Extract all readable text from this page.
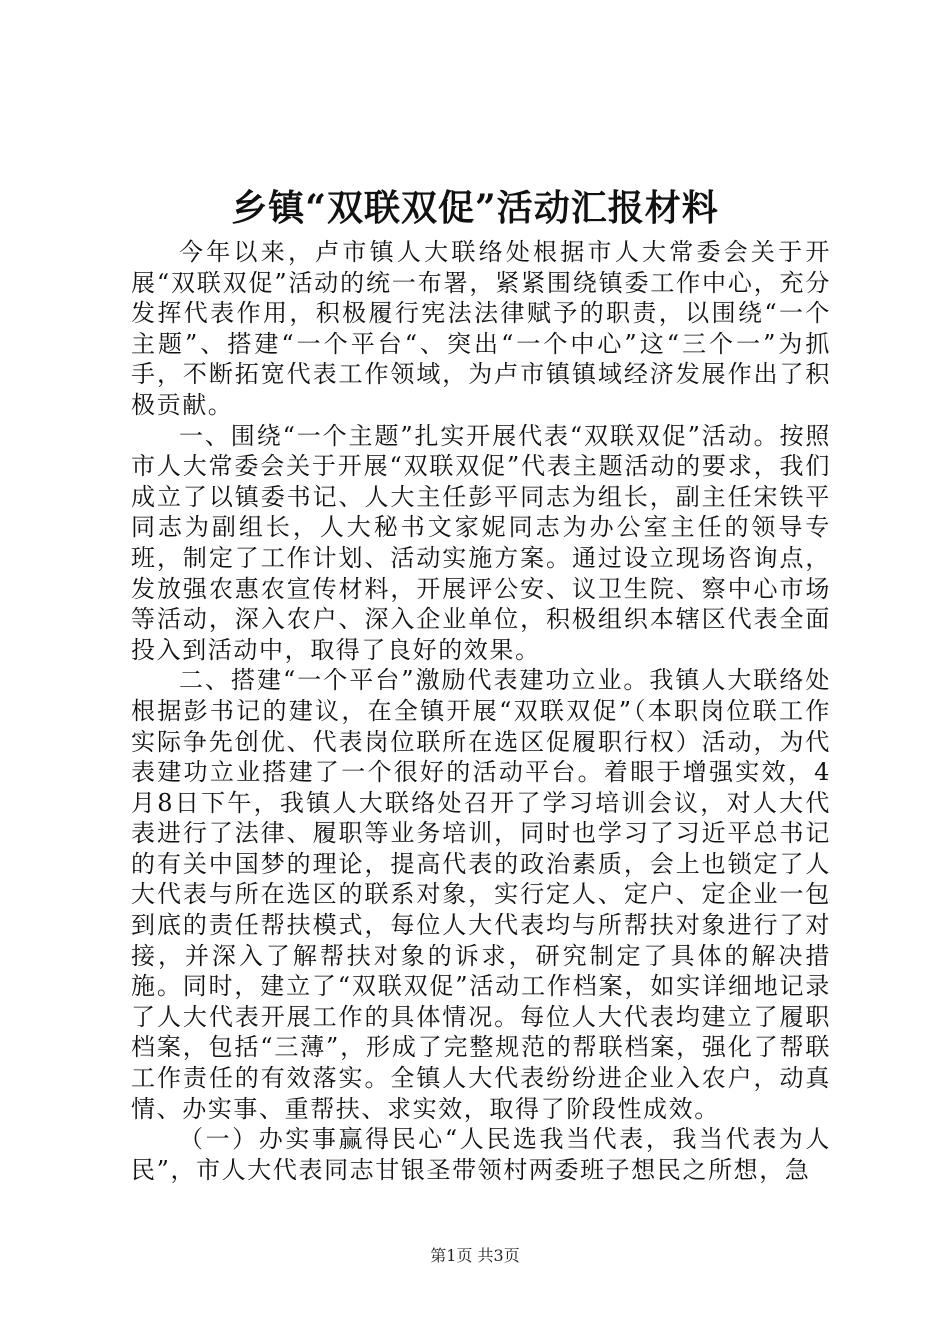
乡镇“双联双促”活动汇报材料

今年以来，卢市镇人大联络处根据市人大常委会关于开展“双联双促”活动的统一布署，紧紧围绕镇委工作中心，充分发挥代表作用，积极履行宪法法律赋予的职责，以围绕“一个主题”、搭建“一个平台“、突出“一个中心”这“三个一”为抓手，不断拓宽代表工作领域，为卢市镇镇域经济发展作出了积极贡献。

一、围绕“一个主题”扎实开展代表“双联双促”活动。按照市人大常委会关于开展“双联双促”代表主题活动的要求，我们成立了以镇委书记、人大主任彭平同志为组长，副主任宋铁平同志为副组长，人大秘书文家妮同志为办公室主任的领导专班，制定了工作计划、活动实施方案。通过设立现场咨询点，发放强农惠农宣传材料，开展评公安、议卫生院、察中心市场等活动，深入农户、深入企业单位，积极组织本辖区代表全面投入到活动中，取得了良好的效果。

二、搭建“一个平台”激励代表建功立业。我镇人大联络处根据彭书记的建议，在全镇开展“双联双促”（本职岗位联工作实际争先创优、代表岗位联所在选区促履职行权）活动，为代表建功立业搭建了一个很好的活动平台。着眼于增强实效，4月8日下午，我镇人大联络处召开了学习培训会议，对人大代表进行了法律、履职等业务培训，同时也学习了习近平总书记的有关中国梦的理论，提高代表的政治素质，会上也锁定了人大代表与所在选区的联系对象，实行定人、定户、定企业一包到底的责任帮扶模式，每位人大代表均与所帮扶对象进行了对接，并深入了解帮扶对象的诉求，研究制定了具体的解决措施。同时，建立了“双联双促”活动工作档案，如实详细地记录了人大代表开展工作的具体情况。每位人大代表均建立了履职档案，包括“三薄”，形成了完整规范的帮联档案，强化了帮联工作责任的有效落实。全镇人大代表纷纷进企业入农户，动真情、办实事、重帮扶、求实效，取得了阶段性成效。

（一）办实事赢得民心“人民选我当代表，我当代表为人民”，市人大代表同志甘银圣带领村两委班子想民之所想，急

第1页 共3页
